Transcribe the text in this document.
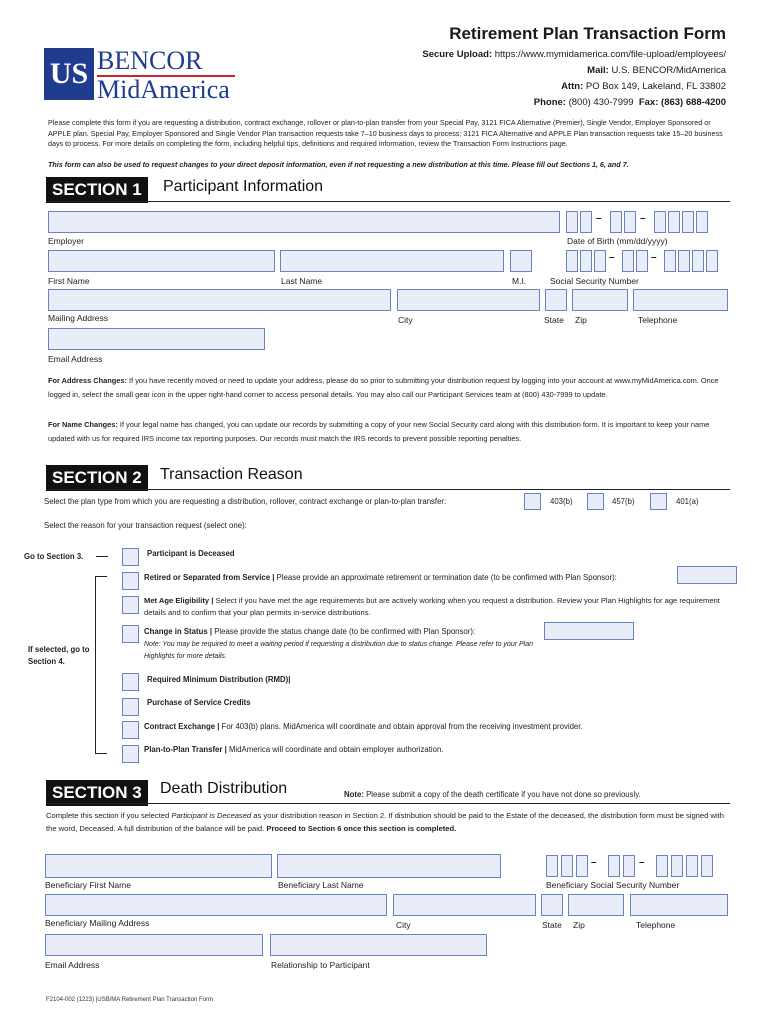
US BENCOR
MidAmerica
Retirement Plan Transaction Form
Secure Upload: https://www.mymidamerica.com/file-upload/employees/
Mail: U.S. BENCOR/MidAmerica
Attn: PO Box 149, Lakeland, FL 33802
Phone: (800) 430-7999 Fax: (863) 688-4200
Please complete this form if you are requesting a distribution, contract exchange, rollover or plan-to-plan transfer from your Special Pay, 3121 FICA Alternative (Premier), Single Vendor, Employer Sponsored or APPLE plan. Special Pay, Employer Sponsored and Single Vendor Plan transaction requests take 7–10 business days to process; 3121 FICA Alternative and APPLE Plan transaction requests take 15–20 business days to process. For more details on completing the form, including helpful tips, definitions and required information, review the Transaction Form Instructions page.
This form can also be used to request changes to your direct deposit information, even if not requesting a new distribution at this time. Please fill out Sections 1, 6, and 7.
SECTION 1	Participant Information
Employer
–	–
Date of Birth (mm/dd/yyyy)
–	–
First Name	Last Name	M.I.	Social Security Number
Mailing Address	City	State Zip	Telephone
Email Address
For Address Changes: If you have recently moved or need to update your address, please do so prior to submitting your distribution request by logging into your account at www.myMidAmerica.com. Once logged in, select the small gear icon in the upper right-hand corner to access personal details. You may also call our Participant Services team at (800) 430-7999 to update.
For Name Changes: If your legal name has changed, you can update our records by submitting a copy of your new Social Security card along with this distribution form. It is important to keep your name updated with us for required IRS income tax reporting purposes. Our records must match the IRS records to prevent possible reporting penalties.
SECTION 2	Transaction Reason
Select the plan type from which you are requesting a distribution, rollover, contract exchange or plan-to-plan transfer:	403(b)	457(b)	401(a)
Select the reason for your transaction request (select one):
Go to Section 3.
If selected, go to Section 4.
Participant is Deceased
Retired or Separated from Service | Please provide an approximate retirement or termination date (to be confirmed with Plan Sponsor):
Met Age Eligibility | Select if you have met the age requirements but are actively working when you request a distribution. Review your Plan Highlights for age requirement details and to confirm that your plan permits in-service distributions.
Change in Status | Please provide the status change date (to be confirmed with Plan Sponsor):
Note: You may be required to meet a waiting period if requesting a distribution due to status change. Please refer to your Plan Highlights for more details.
Required Minimum Distribution (RMD)|
Purchase of Service Credits
Contract Exchange | For 403(b) plans. MidAmerica will coordinate and obtain approval from the receiving investment provider.
Plan-to-Plan Transfer | MidAmerica will coordinate and obtain employer authorization.
SECTION 3	Death Distribution	Note: Please submit a copy of the death certificate if you have not done so previously.
Complete this section if you selected Participant is Deceased as your distribution reason in Section 2. If distribution should be paid to the Estate of the deceased, the distribution form must be signed with the word, Deceased. A full distribution of the balance will be paid. Proceed to Section 6 once this section is completed.
–	–
Beneficiary First Name	Beneficiary Last Name	Beneficiary Social Security Number
Beneficiary Mailing Address	City	State Zip	Telephone
Email Address	Relationship to Participant
F2104-002 (1223) |USB/MA Retirement Plan Transaction Form
